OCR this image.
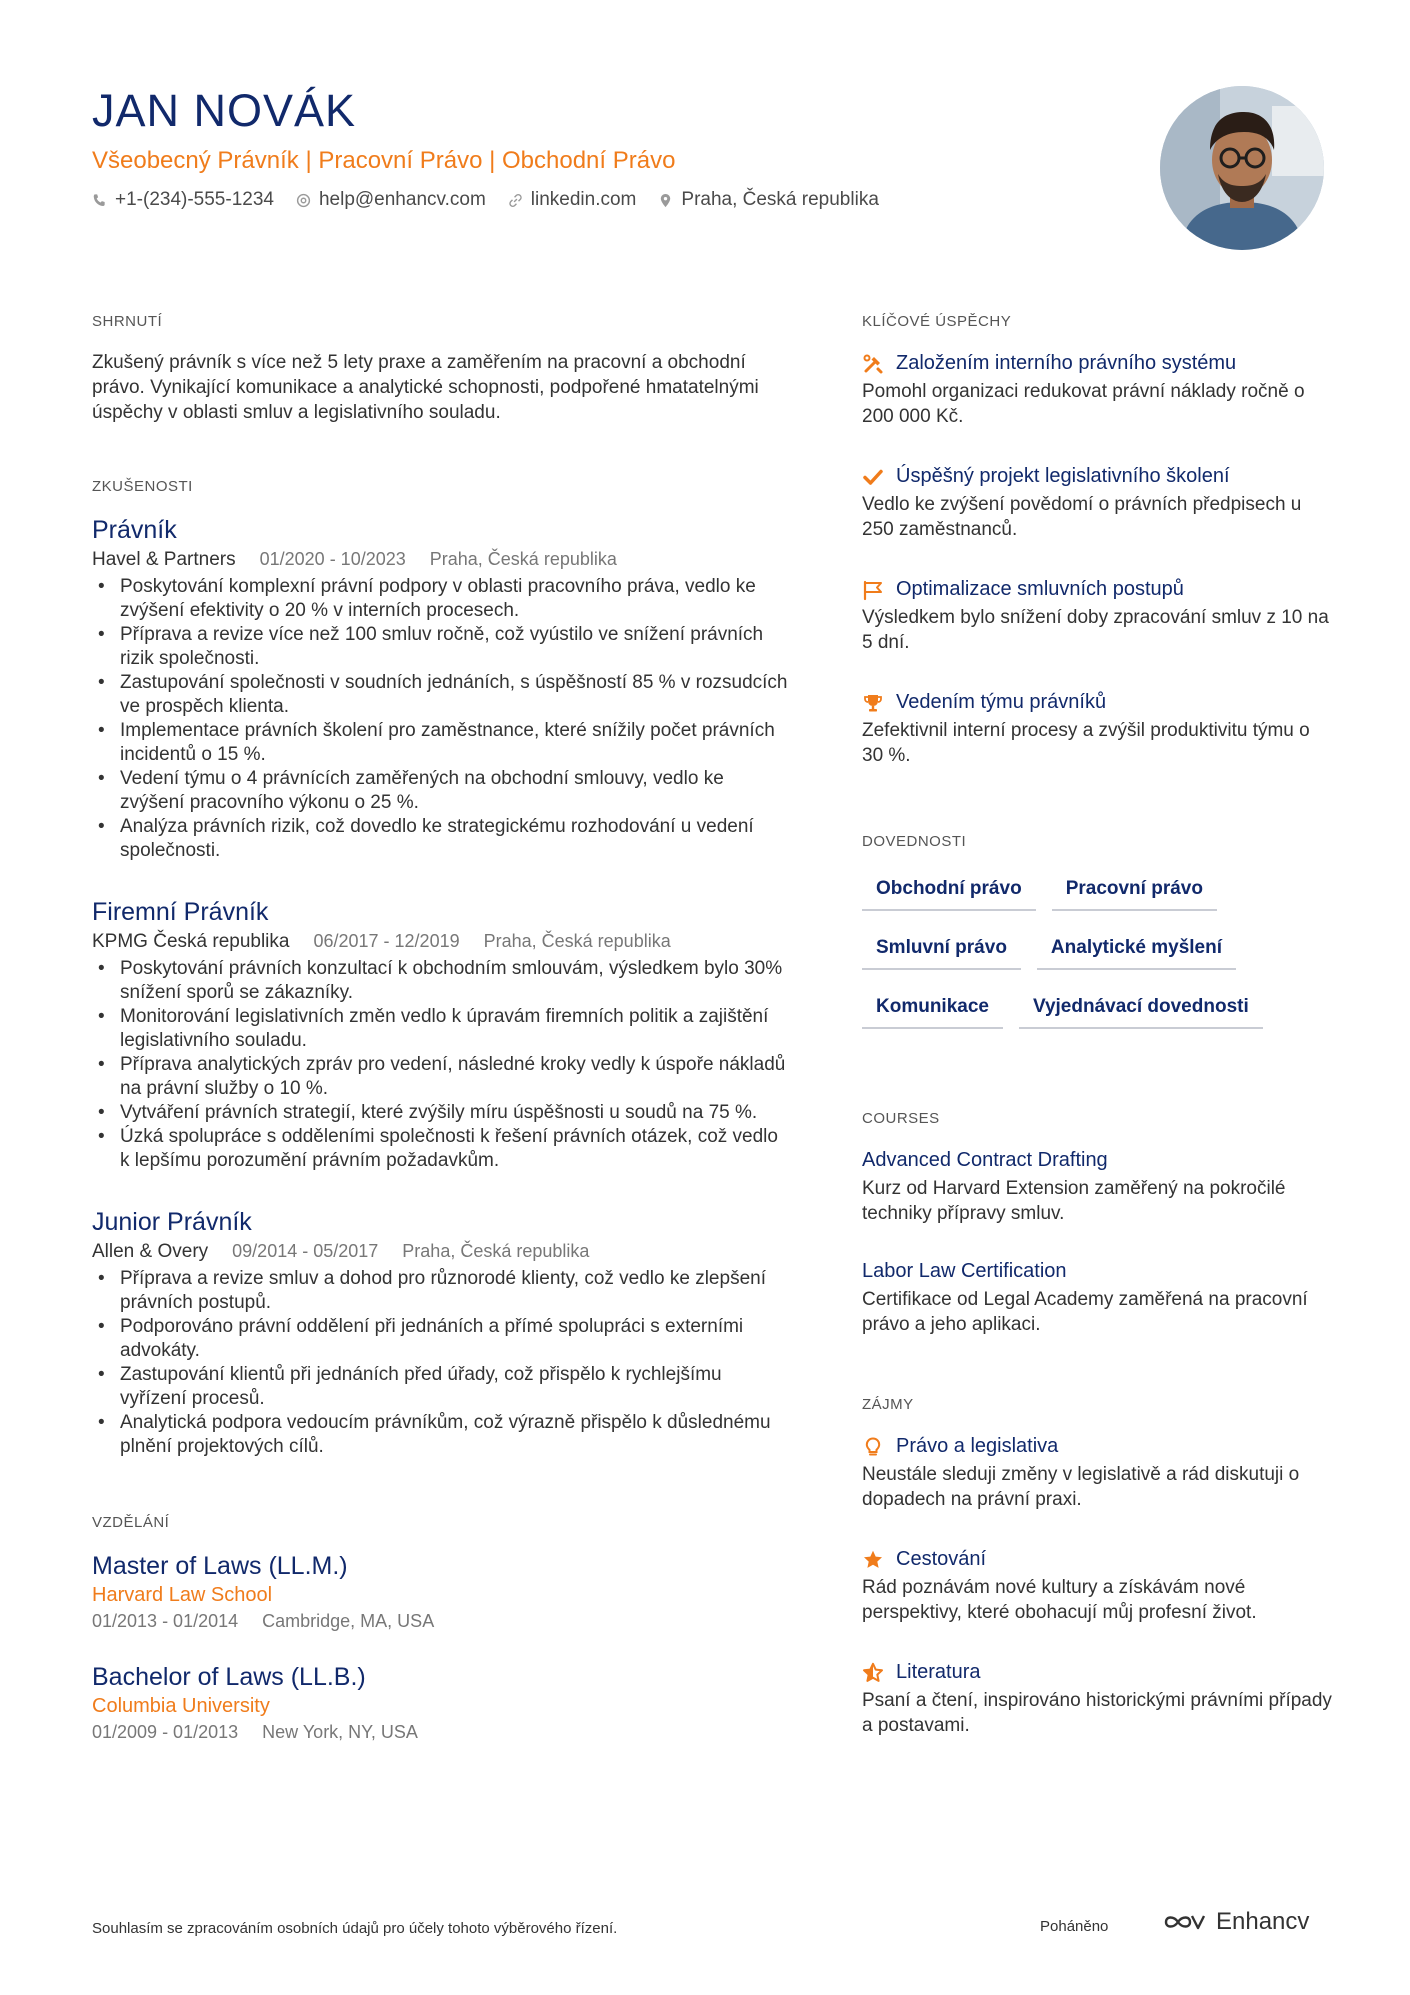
JAN NOVÁK
Všeobecný Právník | Pracovní Právo | Obchodní Právo
+1-(234)-555-1234 help@enhancv.com linkedin.com Praha, Česká republika
SHRNUTÍ
Zkušený právník s více než 5 lety praxe a zaměřením na pracovní a obchodní právo. Vynikající komunikace a analytické schopnosti, podpořené hmatatelnými úspěchy v oblasti smluv a legislativního souladu.
ZKUŠENOSTI
Právník
Havel & Partners 01/2020 - 10/2023 Praha, Česká republika
• Poskytování komplexní právní podpory v oblasti pracovního práva, vedlo ke zvýšení efektivity o 20 % v interních procesech.
• Příprava a revize více než 100 smluv ročně, což vyústilo ve snížení právních rizik společnosti.
• Zastupování společnosti v soudních jednáních, s úspěšností 85 % v rozsudcích ve prospěch klienta.
• Implementace právních školení pro zaměstnance, které snížily počet právních incidentů o 15 %.
• Vedení týmu o 4 právnících zaměřených na obchodní smlouvy, vedlo ke zvýšení pracovního výkonu o 25 %.
• Analýza právních rizik, což dovedlo ke strategickému rozhodování u vedení společnosti.
Firemní Právník
KPMG Česká republika 06/2017 - 12/2019 Praha, Česká republika
• Poskytování právních konzultací k obchodním smlouvám, výsledkem bylo 30% snížení sporů se zákazníky.
• Monitorování legislativních změn vedlo k úpravám firemních politik a zajištění legislativního souladu.
• Příprava analytických zpráv pro vedení, následné kroky vedly k úspoře nákladů na právní služby o 10 %.
• Vytváření právních strategií, které zvýšily míru úspěšnosti u soudů na 75 %.
• Úzká spolupráce s odděleními společnosti k řešení právních otázek, což vedlo k lepšímu porozumění právním požadavkům.
Junior Právník
Allen & Overy 09/2014 - 05/2017 Praha, Česká republika
• Příprava a revize smluv a dohod pro různorodé klienty, což vedlo ke zlepšení právních postupů.
• Podporováno právní oddělení při jednáních a přímé spolupráci s externími advokáty.
• Zastupování klientů při jednáních před úřady, což přispělo k rychlejšímu vyřízení procesů.
• Analytická podpora vedoucím právníkům, což výrazně přispělo k důslednému plnění projektových cílů.
VZDĚLÁNÍ
Master of Laws (LL.M.)
Harvard Law School
01/2013 - 01/2014 Cambridge, MA, USA
Bachelor of Laws (LL.B.)
Columbia University
01/2009 - 01/2013 New York, NY, USA
KLÍČOVÉ ÚSPĚCHY
Založením interního právního systému
Pomohl organizaci redukovat právní náklady ročně o 200 000 Kč.
Úspěšný projekt legislativního školení
Vedlo ke zvýšení povědomí o právních předpisech u 250 zaměstnanců.
Optimalizace smluvních postupů
Výsledkem bylo snížení doby zpracování smluv z 10 na 5 dní.
Vedením týmu právníků
Zefektivnil interní procesy a zvýšil produktivitu týmu o 30 %.
DOVEDNOSTI
Obchodní právo	Pracovní právo
Smluvní právo	Analytické myšlení
Komunikace	Vyjednávací dovednosti
COURSES
Advanced Contract Drafting
Kurz od Harvard Extension zaměřený na pokročilé techniky přípravy smluv.
Labor Law Certification
Certifikace od Legal Academy zaměřená na pracovní právo a jeho aplikaci.
ZÁJMY
Právo a legislativa
Neustále sleduji změny v legislativě a rád diskutuji o dopadech na právní praxi.
Cestování
Rád poznávám nové kultury a získávám nové perspektivy, které obohacují můj profesní život.
Literatura
Psaní a čtení, inspirováno historickými právními případy a postavami.
Souhlasím se zpracováním osobních údajů pro účely tohoto výběrového řízení.	Poháněno	Enhancv
